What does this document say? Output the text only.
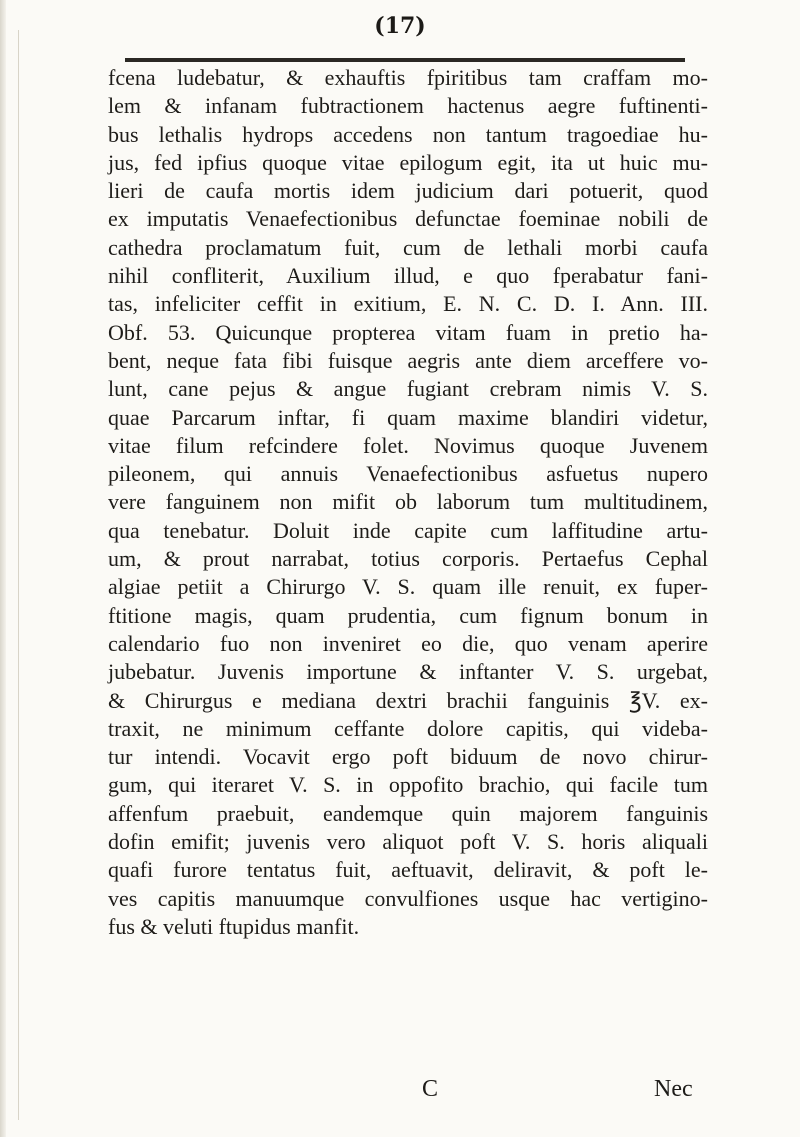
(17)
fcena ludebatur, & exhauftis fpiritibus tam craffam mo-
lem & infanam fubtractionem hactenus aegre fuftinenti-
bus lethalis hydrops accedens non tantum tragoediae hu-
jus, fed ipfius quoque vitae epilogum egit, ita ut huic mu-
lieri de caufa mortis idem judicium dari potuerit, quod
ex imputatis Venaefectionibus defunctae foeminae nobili de
cathedra proclamatum fuit, cum de lethali morbi caufa
nihil confliterit, Auxilium illud, e quo fperabatur fani-
tas, infeliciter ceffit in exitium, E. N. C. D. I. Ann. III.
Obf. 53. Quicunque propterea vitam fuam in pretio ha-
bent, neque fata fibi fuisque aegris ante diem arceffere vo-
lunt, cane pejus & angue fugiant crebram nimis V. S.
quae Parcarum inftar, fi quam maxime blandiri videtur,
vitae filum refcindere folet. Novimus quoque Juvenem
pileonem, qui annuis Venaefectionibus asfuetus nupero
vere fanguinem non mifit ob laborum tum multitudinem,
qua tenebatur. Doluit inde capite cum laffitudine artu-
um, & prout narrabat, totius corporis. Pertaefus Cephal
algiae petiit a Chirurgo V. S. quam ille renuit, ex fuper-
ftitione magis, quam prudentia, cum fignum bonum in
calendario fuo non inveniret eo die, quo venam aperire
jubebatur. Juvenis importune & inftanter V. S. urgebat,
& Chirurgus e mediana dextri brachii fanguinis ℥V. ex-
traxit, ne minimum ceffante dolore capitis, qui videba-
tur intendi. Vocavit ergo poft biduum de novo chirur-
gum, qui iteraret V. S. in oppofito brachio, qui facile tum
affenfum praebuit, eandemque quin majorem fanguinis
dofin emifit; juvenis vero aliquot poft V. S. horis aliquali
quafi furore tentatus fuit, aeftuavit, deliravit, & poft le-
ves capitis manuumque convulfiones usque hac vertigino-
fus & veluti ftupidus manfit.
C	Nec
